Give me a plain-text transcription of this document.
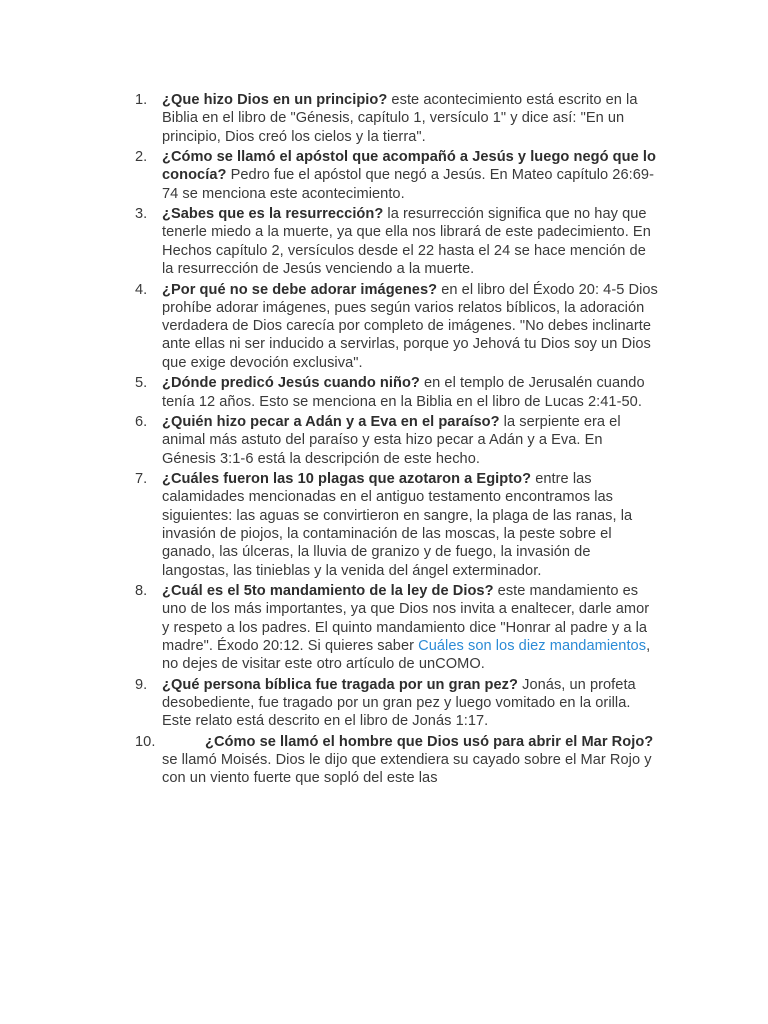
1. ¿Que hizo Dios en un principio? este acontecimiento está escrito en la Biblia en el libro de "Génesis, capítulo 1, versículo 1" y dice así: "En un principio, Dios creó los cielos y la tierra".
2. ¿Cómo se llamó el apóstol que acompañó a Jesús y luego negó que lo conocía? Pedro fue el apóstol que negó a Jesús. En Mateo capítulo 26:69-74 se menciona este acontecimiento.
3. ¿Sabes que es la resurrección? la resurrección significa que no hay que tenerle miedo a la muerte, ya que ella nos librará de este padecimiento. En Hechos capítulo 2, versículos desde el 22 hasta el 24 se hace mención de la resurrección de Jesús venciendo a la muerte.
4. ¿Por qué no se debe adorar imágenes? en el libro del Éxodo 20: 4-5 Dios prohíbe adorar imágenes, pues según varios relatos bíblicos, la adoración verdadera de Dios carecía por completo de imágenes. "No debes inclinarte ante ellas ni ser inducido a servirlas, porque yo Jehová tu Dios soy un Dios que exige devoción exclusiva".
5. ¿Dónde predicó Jesús cuando niño? en el templo de Jerusalén cuando tenía 12 años. Esto se menciona en la Biblia en el libro de Lucas 2:41-50.
6. ¿Quién hizo pecar a Adán y a Eva en el paraíso? la serpiente era el animal más astuto del paraíso y esta hizo pecar a Adán y a Eva. En Génesis 3:1-6 está la descripción de este hecho.
7. ¿Cuáles fueron las 10 plagas que azotaron a Egipto? entre las calamidades mencionadas en el antiguo testamento encontramos las siguientes: las aguas se convirtieron en sangre, la plaga de las ranas, la invasión de piojos, la contaminación de las moscas, la peste sobre el ganado, las úlceras, la lluvia de granizo y de fuego, la invasión de langostas, las tinieblas y la venida del ángel exterminador.
8. ¿Cuál es el 5to mandamiento de la ley de Dios? este mandamiento es uno de los más importantes, ya que Dios nos invita a enaltecer, darle amor y respeto a los padres. El quinto mandamiento dice "Honrar al padre y a la madre". Éxodo 20:12. Si quieres saber Cuáles son los diez mandamientos, no dejes de visitar este otro artículo de unCOMO.
9. ¿Qué persona bíblica fue tragada por un gran pez? Jonás, un profeta desobediente, fue tragado por un gran pez y luego vomitado en la orilla. Este relato está descrito en el libro de Jonás 1:17.
10.	¿Cómo se llamó el hombre que Dios usó para abrir el Mar Rojo? se llamó Moisés. Dios le dijo que extendiera su cayado sobre el Mar Rojo y con un viento fuerte que sopló del este las
